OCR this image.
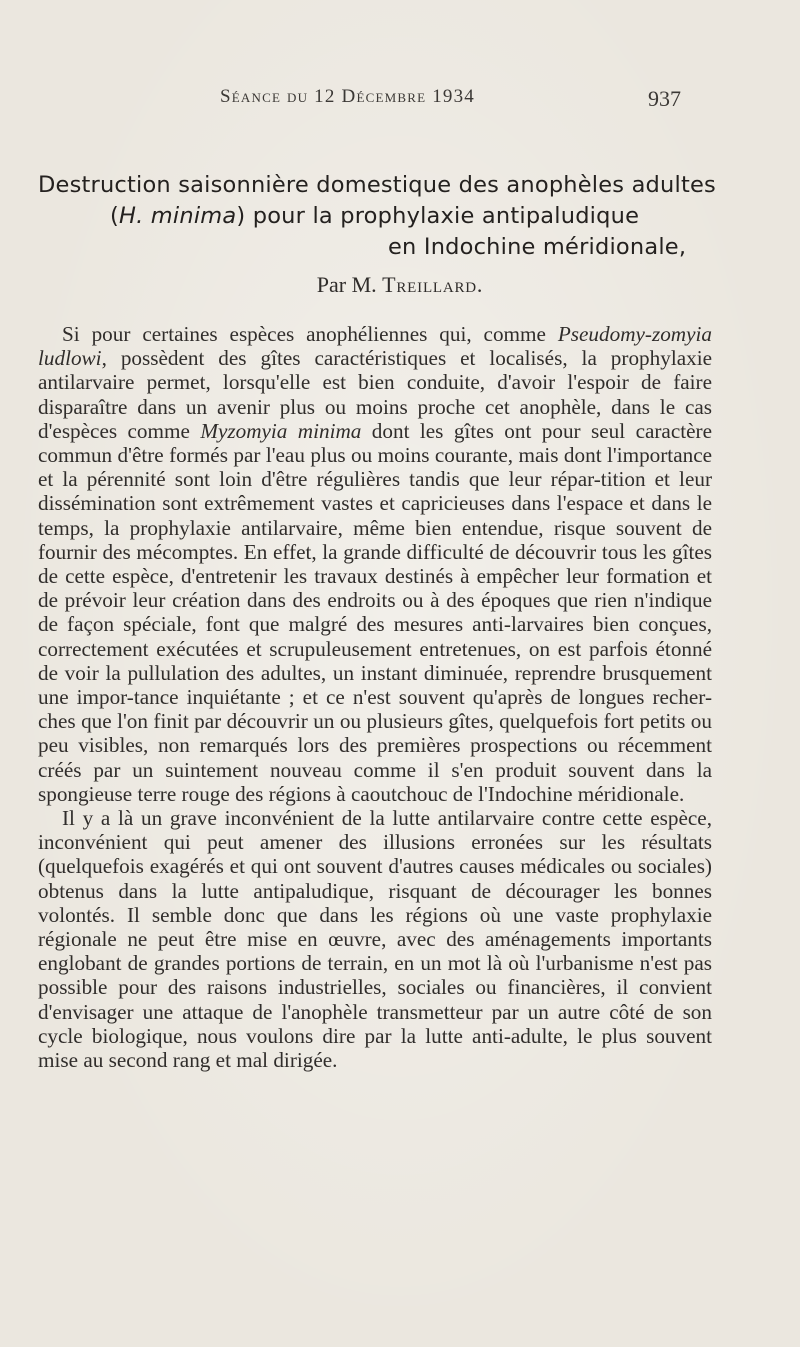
Séance du 12 Décembre 1934	937
Destruction saisonnière domestique des anophèles adultes
(H. minima) pour la prophylaxie antipaludique
en Indochine méridionale,
Par M. Treillard.

Si pour certaines espèces anophéliennes qui, comme Pseudomy-zomyia ludlowi, possèdent des gîtes caractéristiques et localisés, la prophylaxie antilarvaire permet, lorsqu'elle est bien conduite, d'avoir l'espoir de faire disparaître dans un avenir plus ou moins proche cet anophèle, dans le cas d'espèces comme Myzomyia minima dont les gîtes ont pour seul caractère commun d'être formés par l'eau plus ou moins courante, mais dont l'importance et la pérennité sont loin d'être régulières tandis que leur répar-tition et leur dissémination sont extrêmement vastes et capricieuses dans l'espace et dans le temps, la prophylaxie antilarvaire, même bien entendue, risque souvent de fournir des mécomptes. En effet, la grande difficulté de découvrir tous les gîtes de cette espèce, d'entretenir les travaux destinés à empêcher leur formation et de prévoir leur création dans des endroits ou à des époques que rien n'indique de façon spéciale, font que malgré des mesures anti-larvaires bien conçues, correctement exécutées et scrupuleusement entretenues, on est parfois étonné de voir la pullulation des adultes, un instant diminuée, reprendre brusquement une impor-tance inquiétante ; et ce n'est souvent qu'après de longues recher-ches que l'on finit par découvrir un ou plusieurs gîtes, quelquefois fort petits ou peu visibles, non remarqués lors des premières prospections ou récemment créés par un suintement nouveau comme il s'en produit souvent dans la spongieuse terre rouge des régions à caoutchouc de l'Indochine méridionale.

Il y a là un grave inconvénient de la lutte antilarvaire contre cette espèce, inconvénient qui peut amener des illusions erronées sur les résultats (quelquefois exagérés et qui ont souvent d'autres causes médicales ou sociales) obtenus dans la lutte antipaludique, risquant de décourager les bonnes volontés. Il semble donc que dans les régions où une vaste prophylaxie régionale ne peut être mise en œuvre, avec des aménagements importants englobant de grandes portions de terrain, en un mot là où l'urbanisme n'est pas possible pour des raisons industrielles, sociales ou financières, il convient d'envisager une attaque de l'anophèle transmetteur par un autre côté de son cycle biologique, nous voulons dire par la lutte anti-adulte, le plus souvent mise au second rang et mal dirigée.
